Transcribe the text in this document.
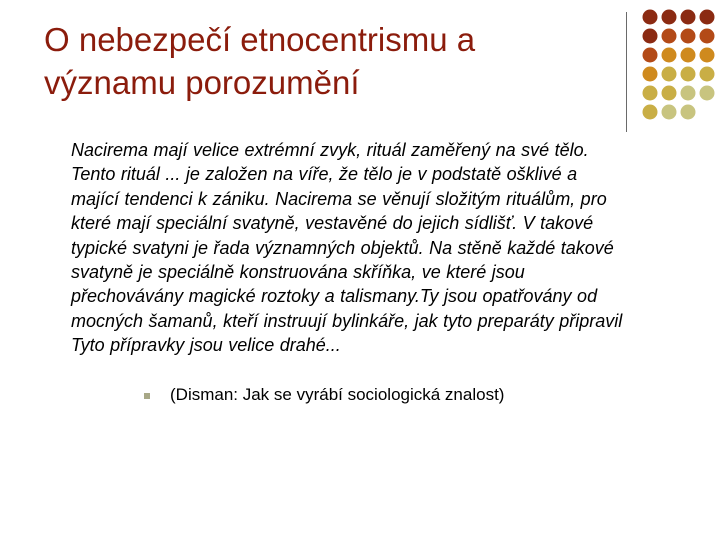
O nebezpečí etnocentrismu a
významu porozumění

Nacirema mají velice extrémní zvyk, rituál zaměřený na své tělo.
Tento rituál ... je založen na víře, že tělo je v podstatě ošklivé a
mající tendenci k zániku. Nacirema se věnují složitým rituálům, pro
které mají speciální svatyně, vestavěné do jejich sídlišť. V takové
typické svatyni je řada významných objektů. Na stěně každé takové
svatyně je speciálně konstruována skříňka, ve které jsou
přechovávány magické roztoky a talismany.Ty jsou opatřovány od
mocných šamanů, kteří instruují bylinkáře, jak tyto preparáty připravil
Tyto přípravky jsou velice drahé...

(Disman: Jak se vyrábí sociologická znalost)
